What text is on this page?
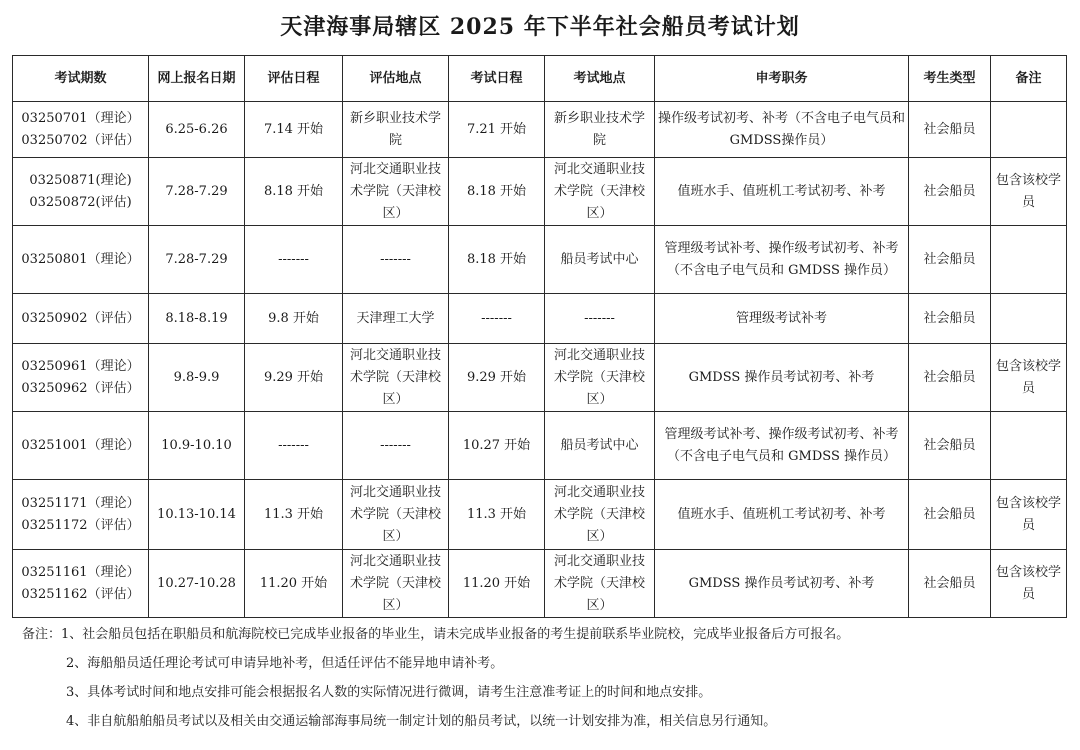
天津海事局辖区 2025 年下半年社会船员考试计划
考试期数	网上报名日期	评估日程	评估地点	考试日程	考试地点	申考职务	考生类型	备注

03250701（理论）
03250702（评估）	6.25-6.26	7.14 开始	新乡职业技术学院	7.21 开始	新乡职业技术学院	操作级考试初考、补考（不含电子电气员和GMDSS操作员）	社会船员	

03250871(理论)
03250872(评估)	7.28-7.29	8.18 开始	河北交通职业技术学院（天津校区）	8.18 开始	河北交通职业技术学院（天津校区）	值班水手、值班机工考试初考、补考	社会船员	包含该校学员

03250801（理论）	7.28-7.29	-------	-------	8.18 开始	船员考试中心	管理级考试补考、操作级考试初考、补考（不含电子电气员和 GMDSS 操作员）	社会船员	

03250902（评估）	8.18-8.19	9.8 开始	天津理工大学	-------	-------	管理级考试补考	社会船员	

03250961（理论）
03250962（评估）	9.8-9.9	9.29 开始	河北交通职业技术学院（天津校区）	9.29 开始	河北交通职业技术学院（天津校区）	GMDSS 操作员考试初考、补考	社会船员	包含该校学员

03251001（理论）	10.9-10.10	-------	-------	10.27 开始	船员考试中心	管理级考试补考、操作级考试初考、补考（不含电子电气员和 GMDSS 操作员）	社会船员	

03251171（理论）
03251172（评估）	10.13-10.14	11.3 开始	河北交通职业技术学院（天津校区）	11.3 开始	河北交通职业技术学院（天津校区）	值班水手、值班机工考试初考、补考	社会船员	包含该校学员

03251161（理论）
03251162（评估）	10.27-10.28	11.20 开始	河北交通职业技术学院（天津校区）	11.20 开始	河北交通职业技术学院（天津校区）	GMDSS 操作员考试初考、补考	社会船员	包含该校学员
备注：1、社会船员包括在职船员和航海院校已完成毕业报备的毕业生，请未完成毕业报备的考生提前联系毕业院校，完成毕业报备后方可报名。
2、海船船员适任理论考试可申请异地补考，但适任评估不能异地申请补考。
3、具体考试时间和地点安排可能会根据报名人数的实际情况进行微调，请考生注意准考证上的时间和地点安排。
4、非自航船舶船员考试以及相关由交通运输部海事局统一制定计划的船员考试，以统一计划安排为准，相关信息另行通知。
